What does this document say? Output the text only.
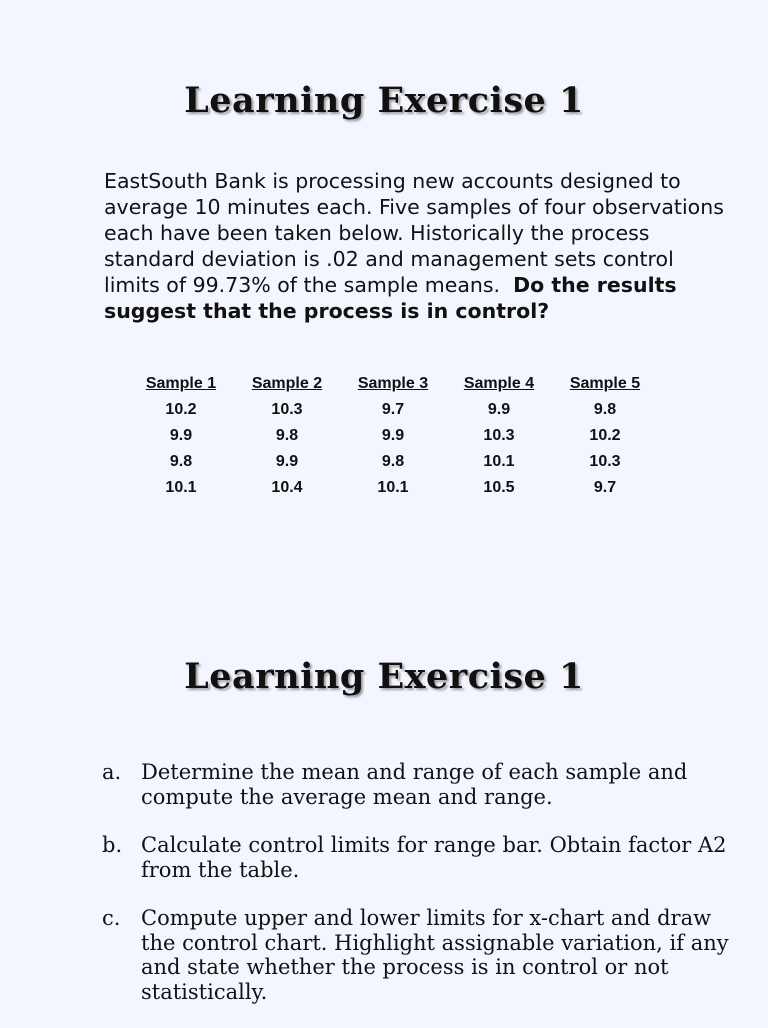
Learning Exercise 1

EastSouth Bank is processing new accounts designed to average 10 minutes each. Five samples of four observations each have been taken below. Historically the process standard deviation is .02 and management sets control limits of 99.73% of the sample means. Do the results suggest that the process is in control?

Sample 1	Sample 2	Sample 3	Sample 4	Sample 5
10.2	10.3	9.7	9.9	9.8
9.9	9.8	9.9	10.3	10.2
9.8	9.9	9.8	10.1	10.3
10.1	10.4	10.1	10.5	9.7
Learning Exercise 1
a. Determine the mean and range of each sample and compute the average mean and range.
b. Calculate control limits for range bar. Obtain factor A2 from the table.
c. Compute upper and lower limits for x-chart and draw the control chart. Highlight assignable variation, if any and state whether the process is in control or not statistically.
